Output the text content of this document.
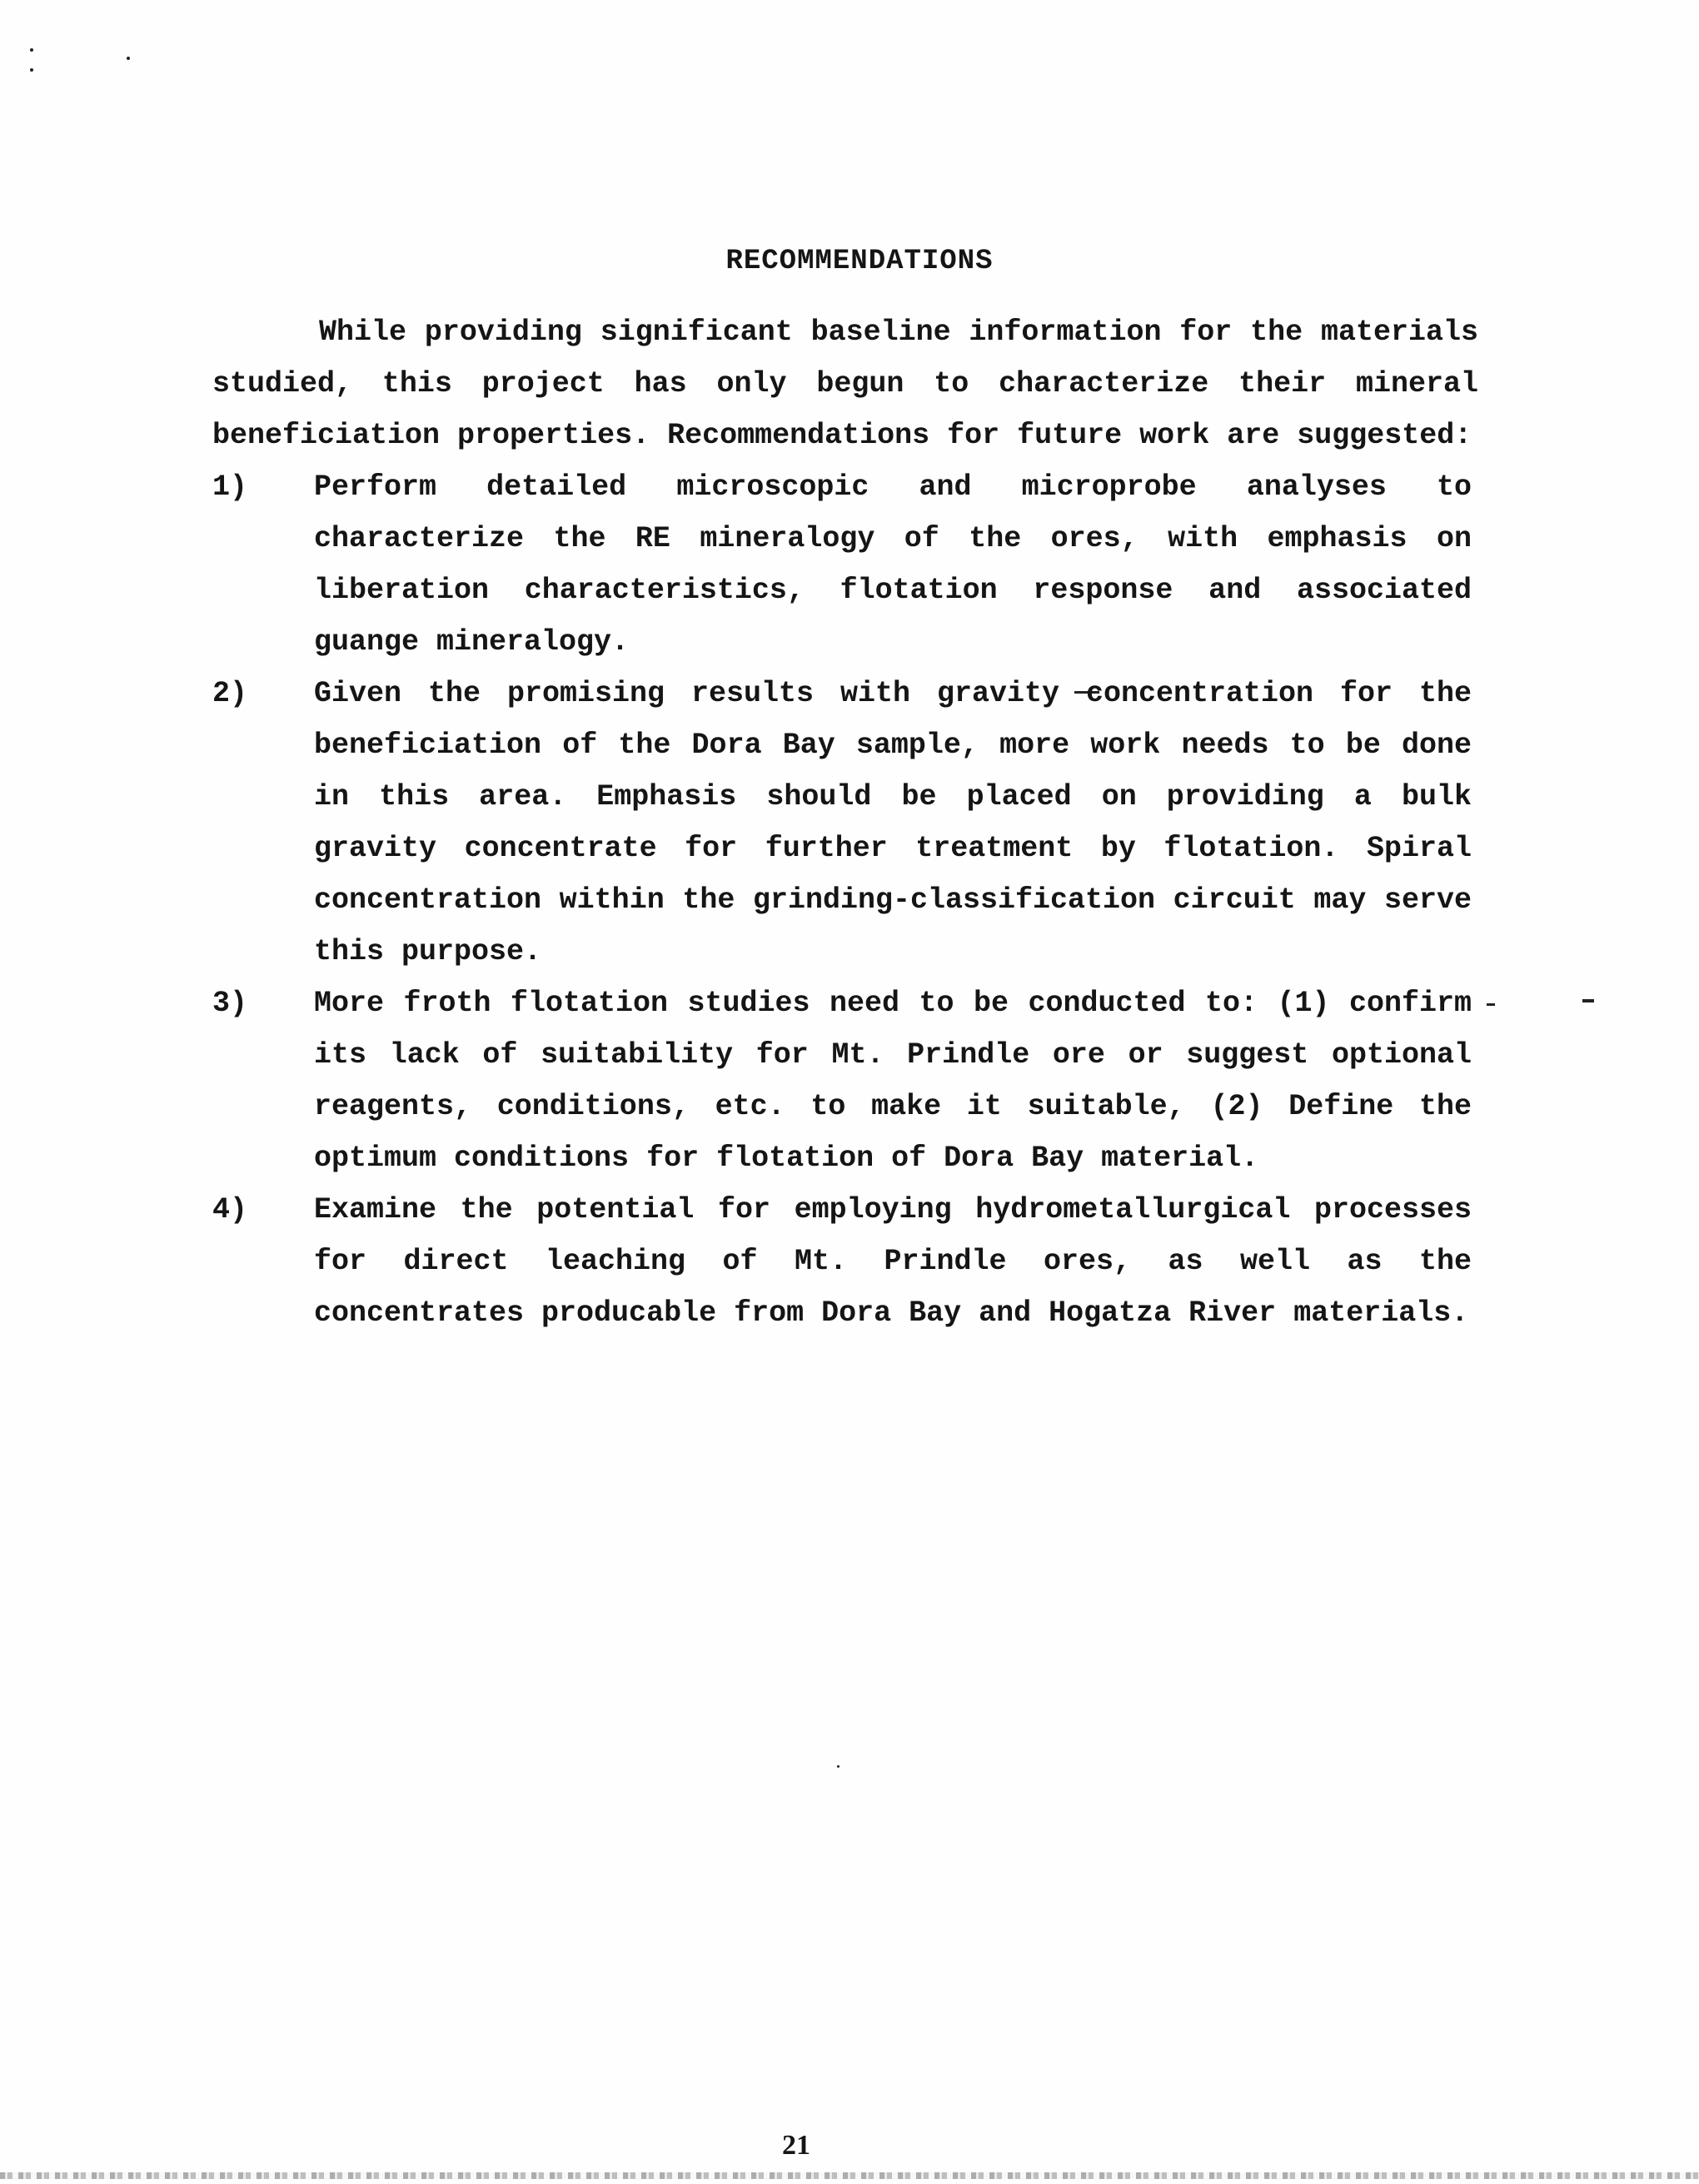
RECOMMENDATIONS

While providing significant baseline information for the materials studied, this project has only begun to characterize their mineral beneficiation properties. Recommendations for future work are suggested:

1)	Perform detailed microscopic and microprobe analyses to characterize the RE mineralogy of the ores, with emphasis on liberation characteristics, flotation response and associated guange mineralogy.
2)	Given the promising results with gravity concentration for the beneficiation of the Dora Bay sample, more work needs to be done in this area. Emphasis should be placed on providing a bulk gravity concentrate for further treatment by flotation. Spiral concentration within the grinding-classification circuit may serve this purpose.
3)	More froth flotation studies need to be conducted to: (1) confirm its lack of suitability for Mt. Prindle ore or suggest optional reagents, conditions, etc. to make it suitable, (2) Define the optimum conditions for flotation of Dora Bay material.
4)	Examine the potential for employing hydrometallurgical processes for direct leaching of Mt. Prindle ores, as well as the concentrates producable from Dora Bay and Hogatza River materials.
21
